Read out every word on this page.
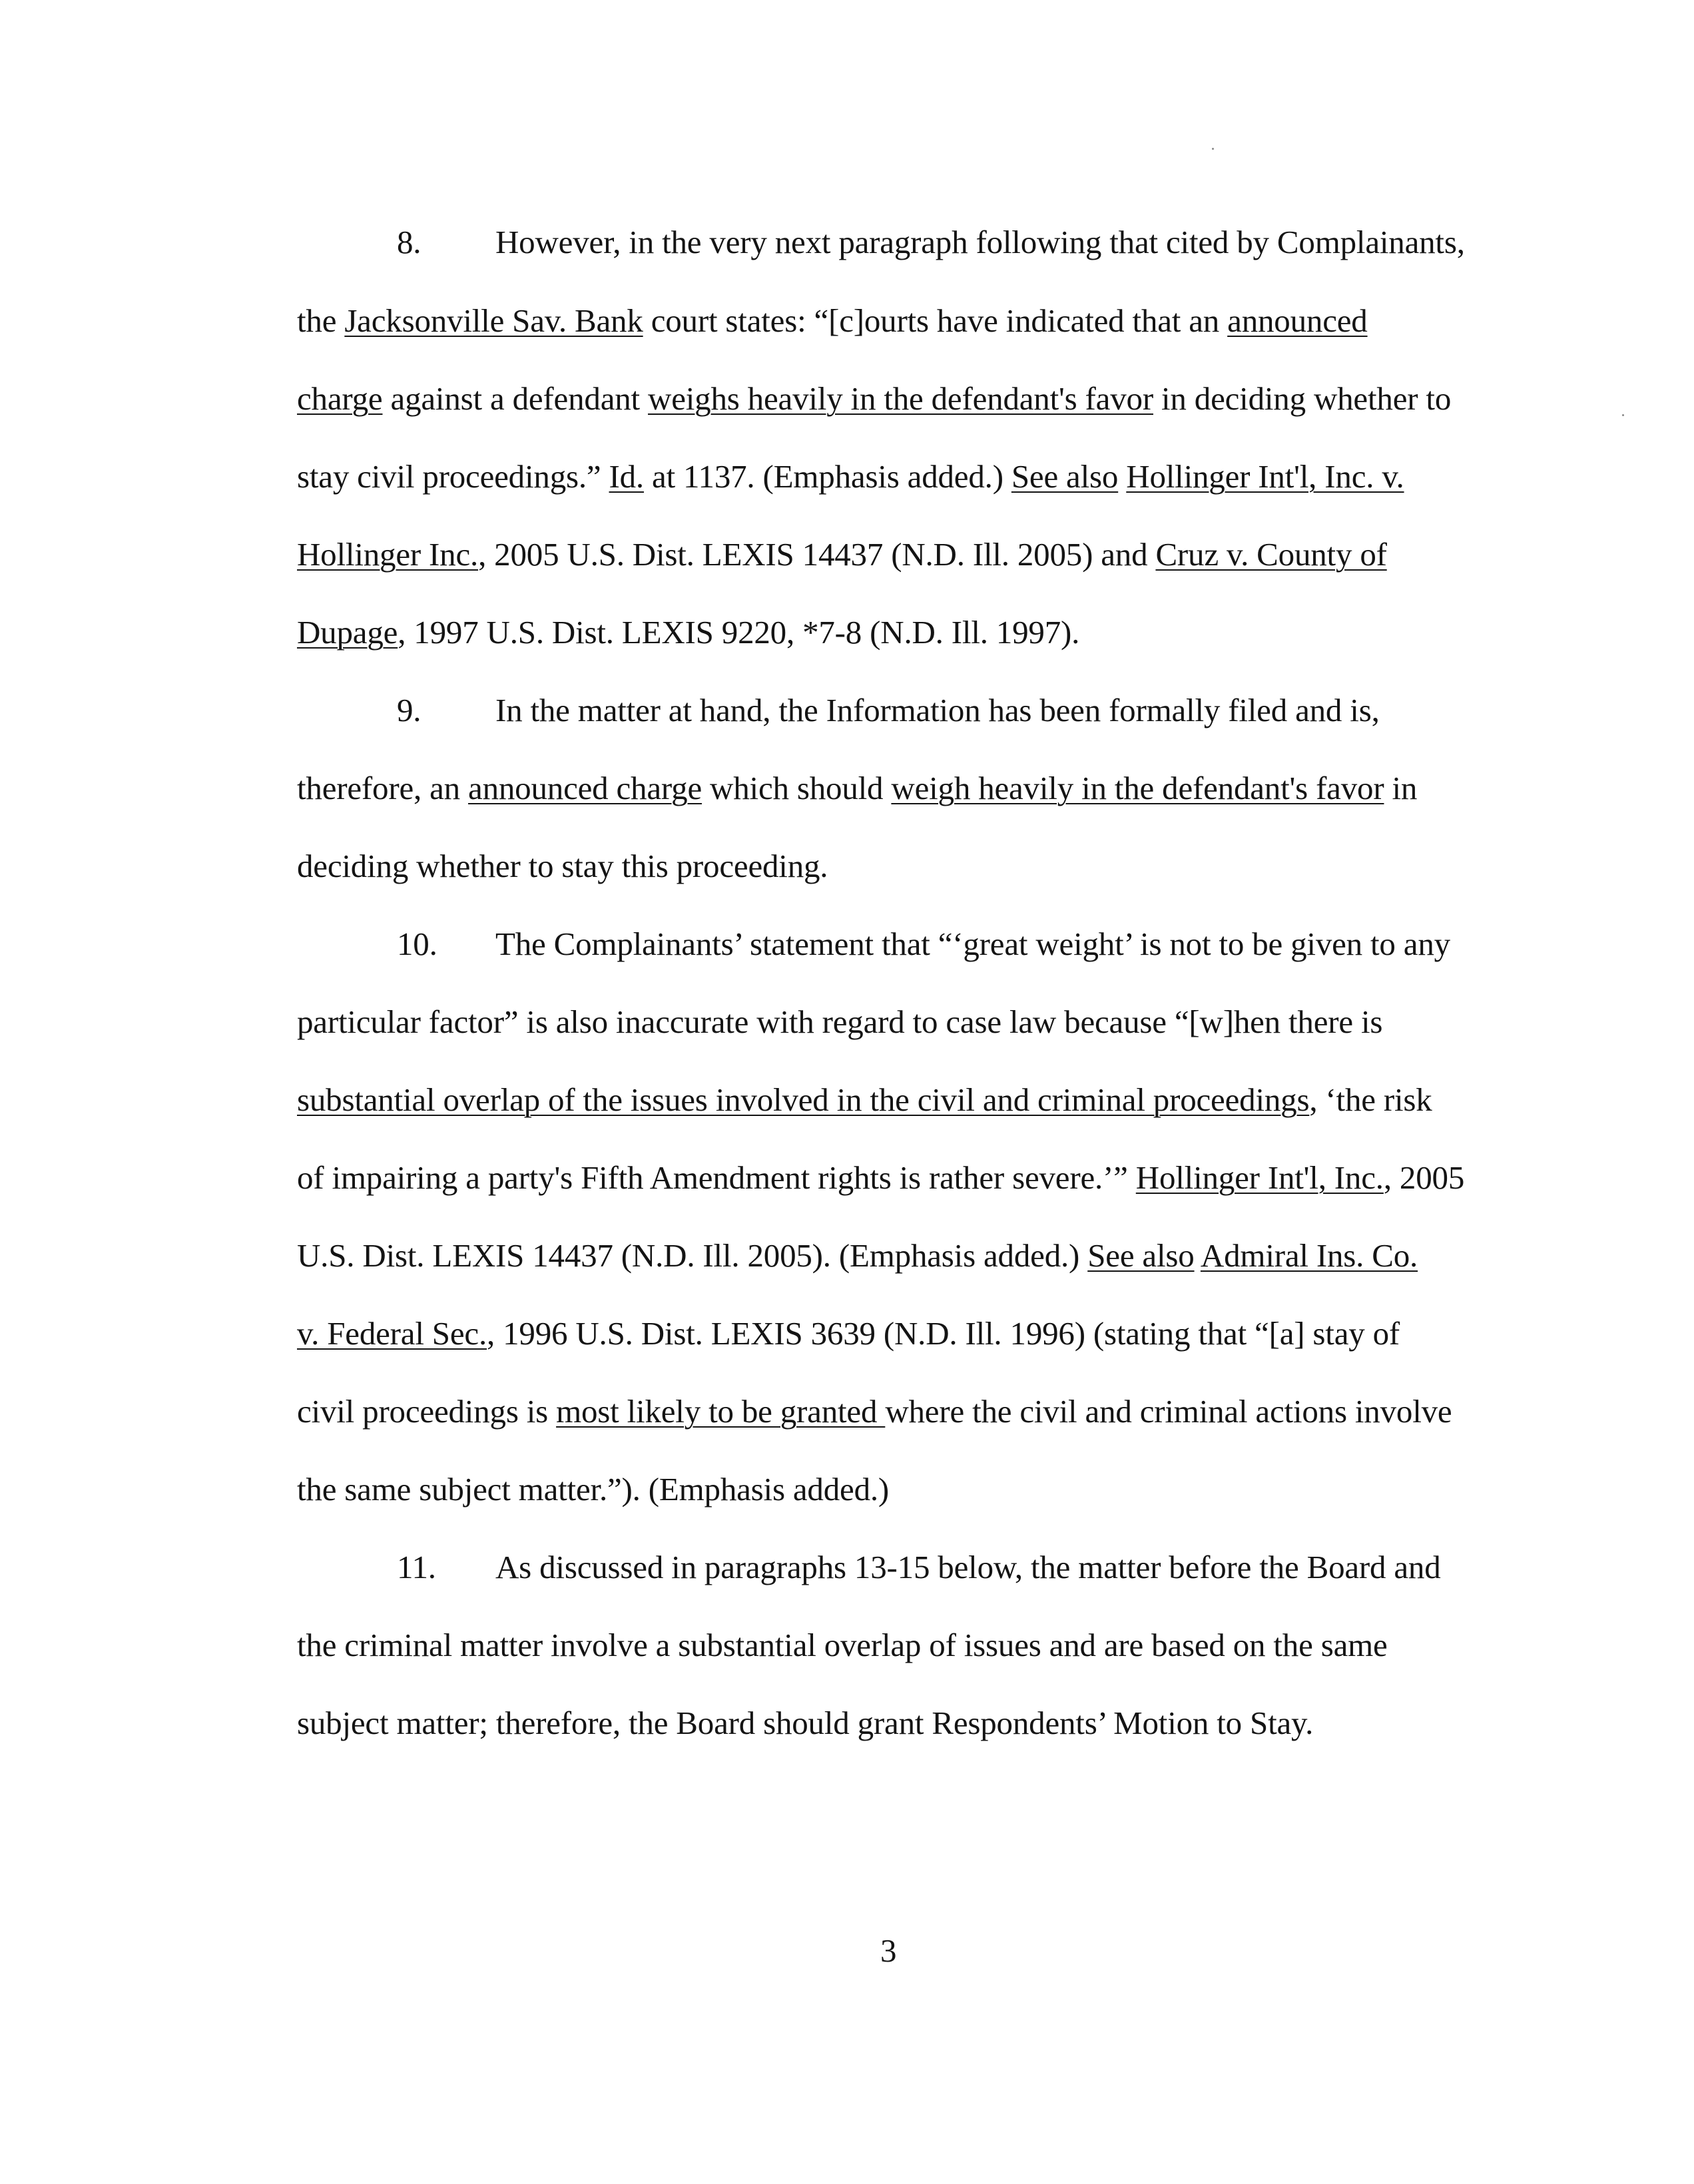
8. However, in the very next paragraph following that cited by Complainants,
the Jacksonville Sav. Bank court states: “[c]ourts have indicated that an announced
charge against a defendant weighs heavily in the defendant's favor in deciding whether to
stay civil proceedings.” Id. at 1137. (Emphasis added.) See also Hollinger Int'l, Inc. v.
Hollinger Inc., 2005 U.S. Dist. LEXIS 14437 (N.D. Ill. 2005) and Cruz v. County of
Dupage, 1997 U.S. Dist. LEXIS 9220, *7-8 (N.D. Ill. 1997).
9. In the matter at hand, the Information has been formally filed and is,
therefore, an announced charge which should weigh heavily in the defendant's favor in
deciding whether to stay this proceeding.
10. The Complainants’ statement that “‘great weight’ is not to be given to any
particular factor” is also inaccurate with regard to case law because “[w]hen there is
substantial overlap of the issues involved in the civil and criminal proceedings, ‘the risk
of impairing a party's Fifth Amendment rights is rather severe.’” Hollinger Int'l, Inc., 2005
U.S. Dist. LEXIS 14437 (N.D. Ill. 2005). (Emphasis added.) See also Admiral Ins. Co.
v. Federal Sec., 1996 U.S. Dist. LEXIS 3639 (N.D. Ill. 1996) (stating that “[a] stay of
civil proceedings is most likely to be granted where the civil and criminal actions involve
the same subject matter.”). (Emphasis added.)
11. As discussed in paragraphs 13-15 below, the matter before the Board and
the criminal matter involve a substantial overlap of issues and are based on the same
subject matter; therefore, the Board should grant Respondents’ Motion to Stay.
3
